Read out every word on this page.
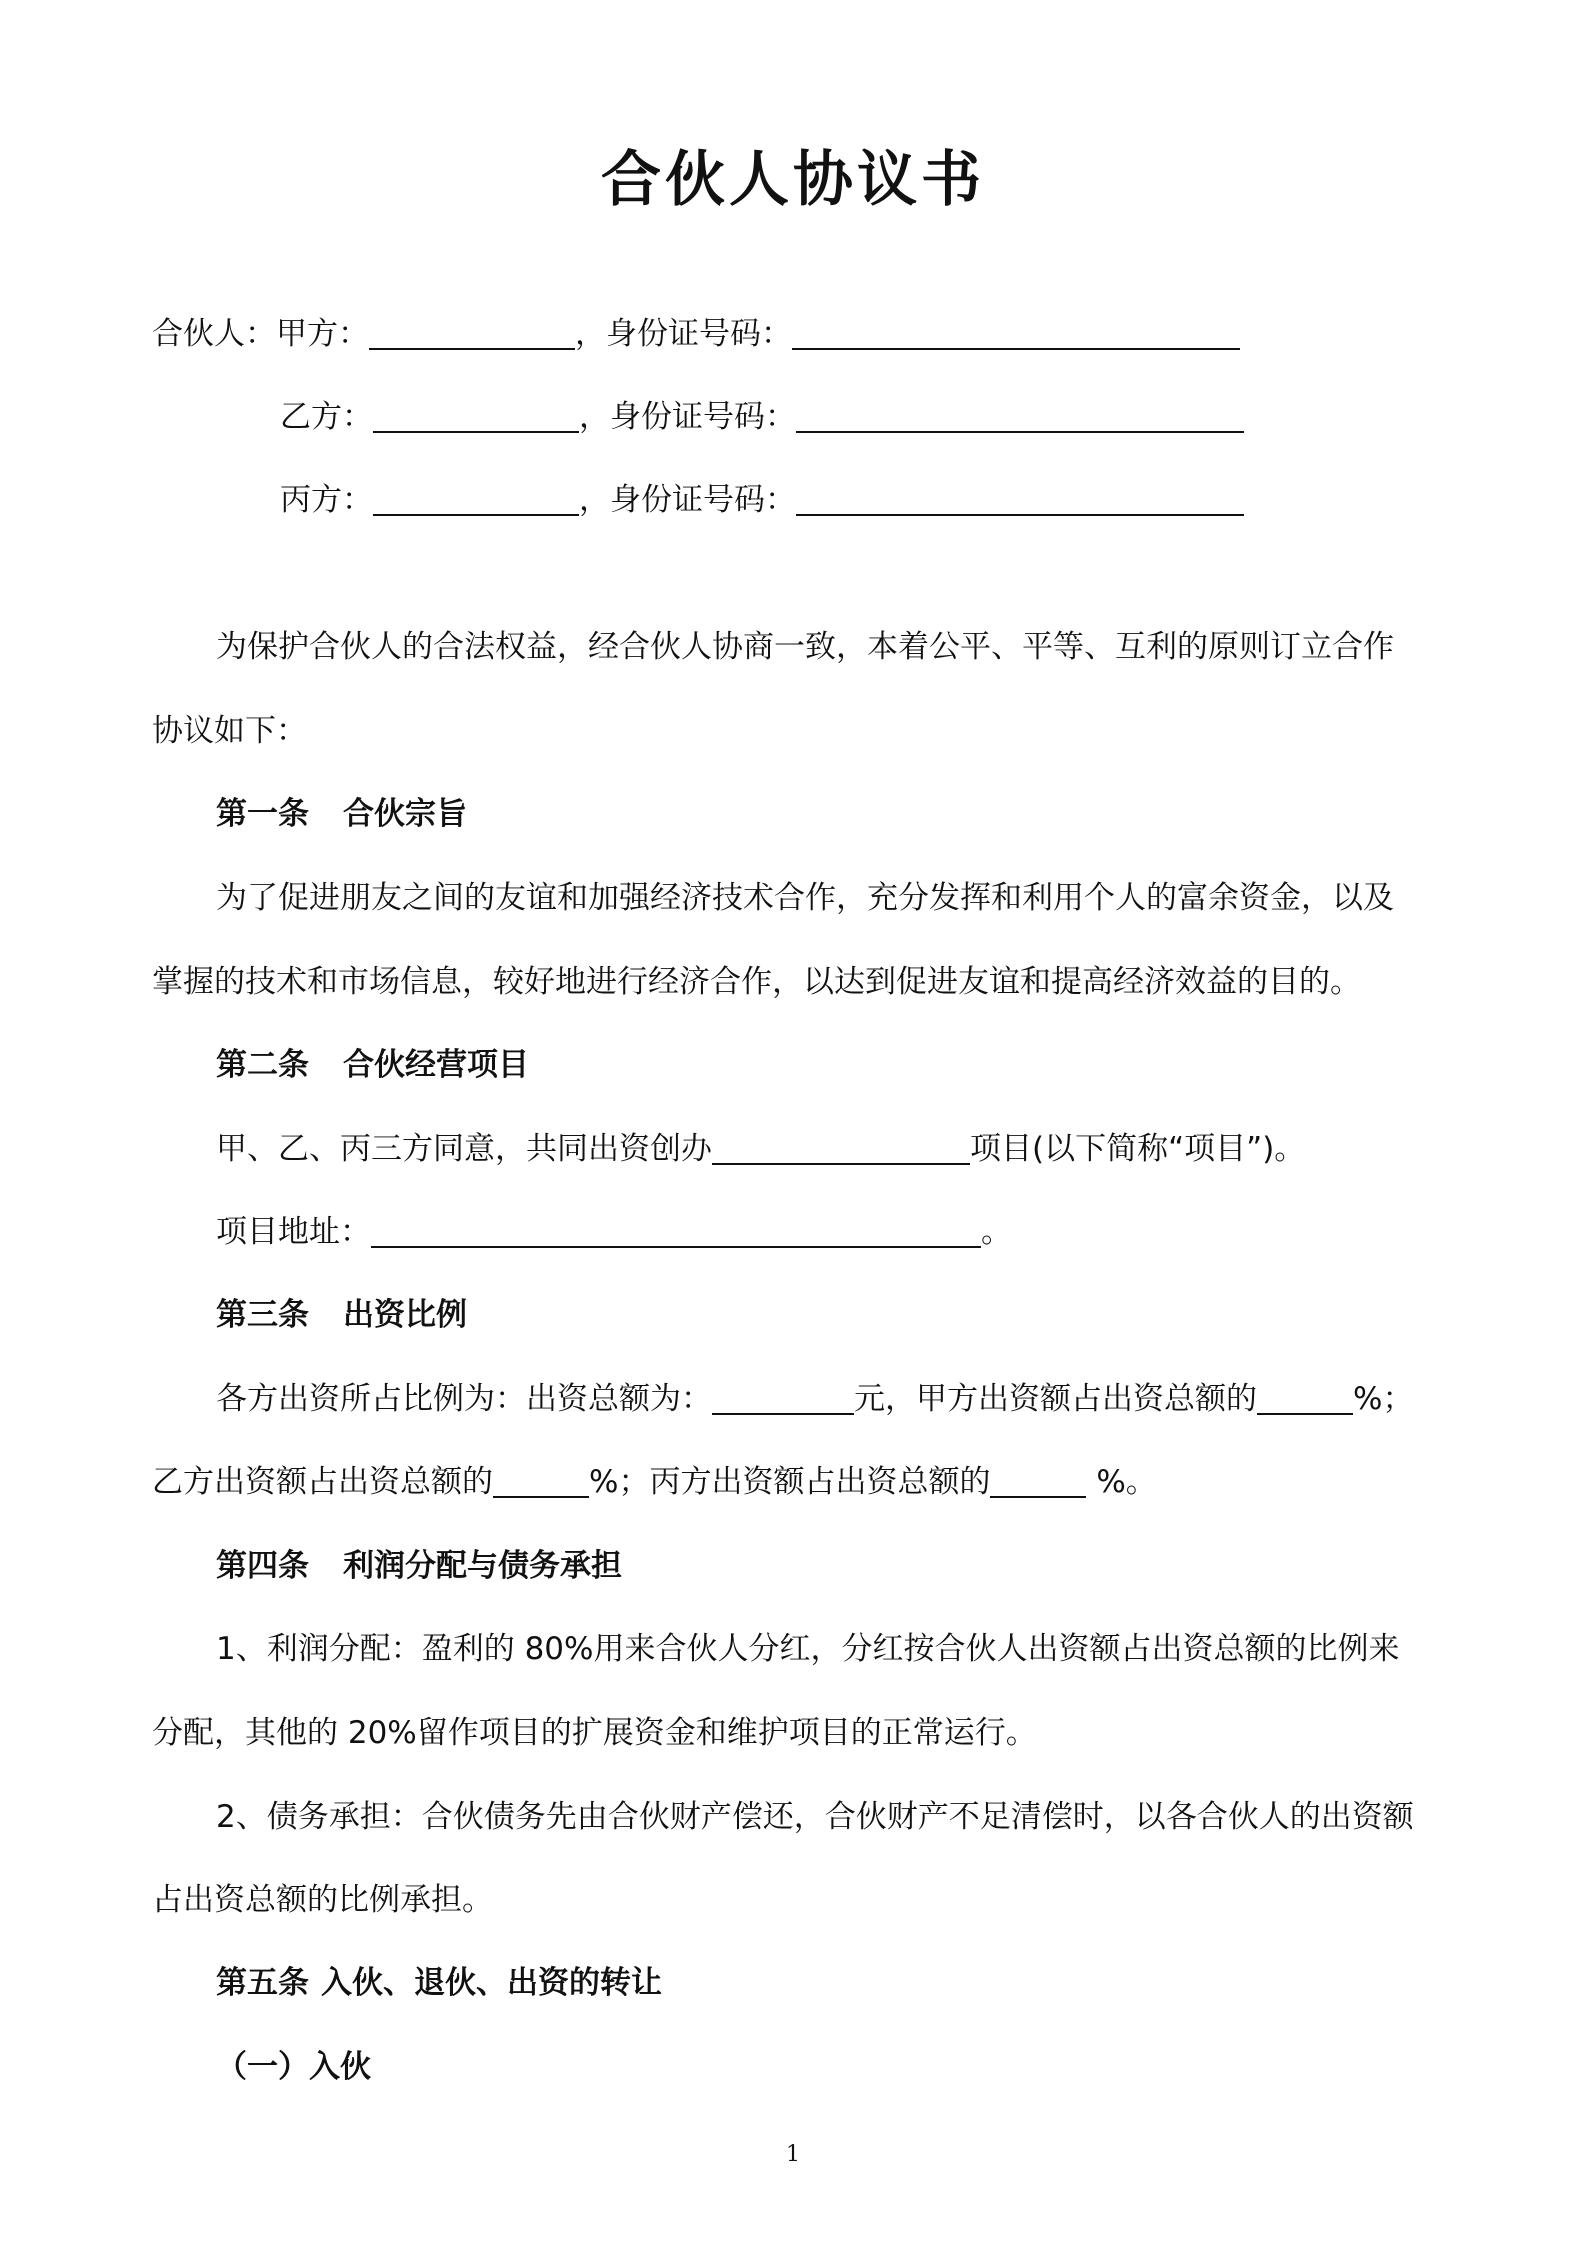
合伙人协议书
合伙人：甲方：	，身份证号码：
乙方：	，身份证号码：
丙方：	，身份证号码：
为保护合伙人的合法权益，经合伙人协商一致，本着公平、平等、互利的原则订立合作
协议如下：
第一条 合伙宗旨
为了促进朋友之间的友谊和加强经济技术合作，充分发挥和利用个人的富余资金，以及
掌握的技术和市场信息，较好地进行经济合作，以达到促进友谊和提高经济效益的目的。
第二条 合伙经营项目
甲、乙、丙三方同意，共同出资创办	项目(以下简称“项目”)。
项目地址：	。
第三条 出资比例
各方出资所占比例为：出资总额为：	元，甲方出资额占出资总额的	%；
乙方出资额占出资总额的	%；丙方出资额占出资总额的	%。
第四条 利润分配与债务承担
1、利润分配：盈利的 80%用来合伙人分红，分红按合伙人出资额占出资总额的比例来
分配，其他的 20%留作项目的扩展资金和维护项目的正常运行。
2、债务承担：合伙债务先由合伙财产偿还，合伙财产不足清偿时，以各合伙人的出资额
占出资总额的比例承担。
第五条 入伙、退伙、出资的转让
（一）入伙
1
